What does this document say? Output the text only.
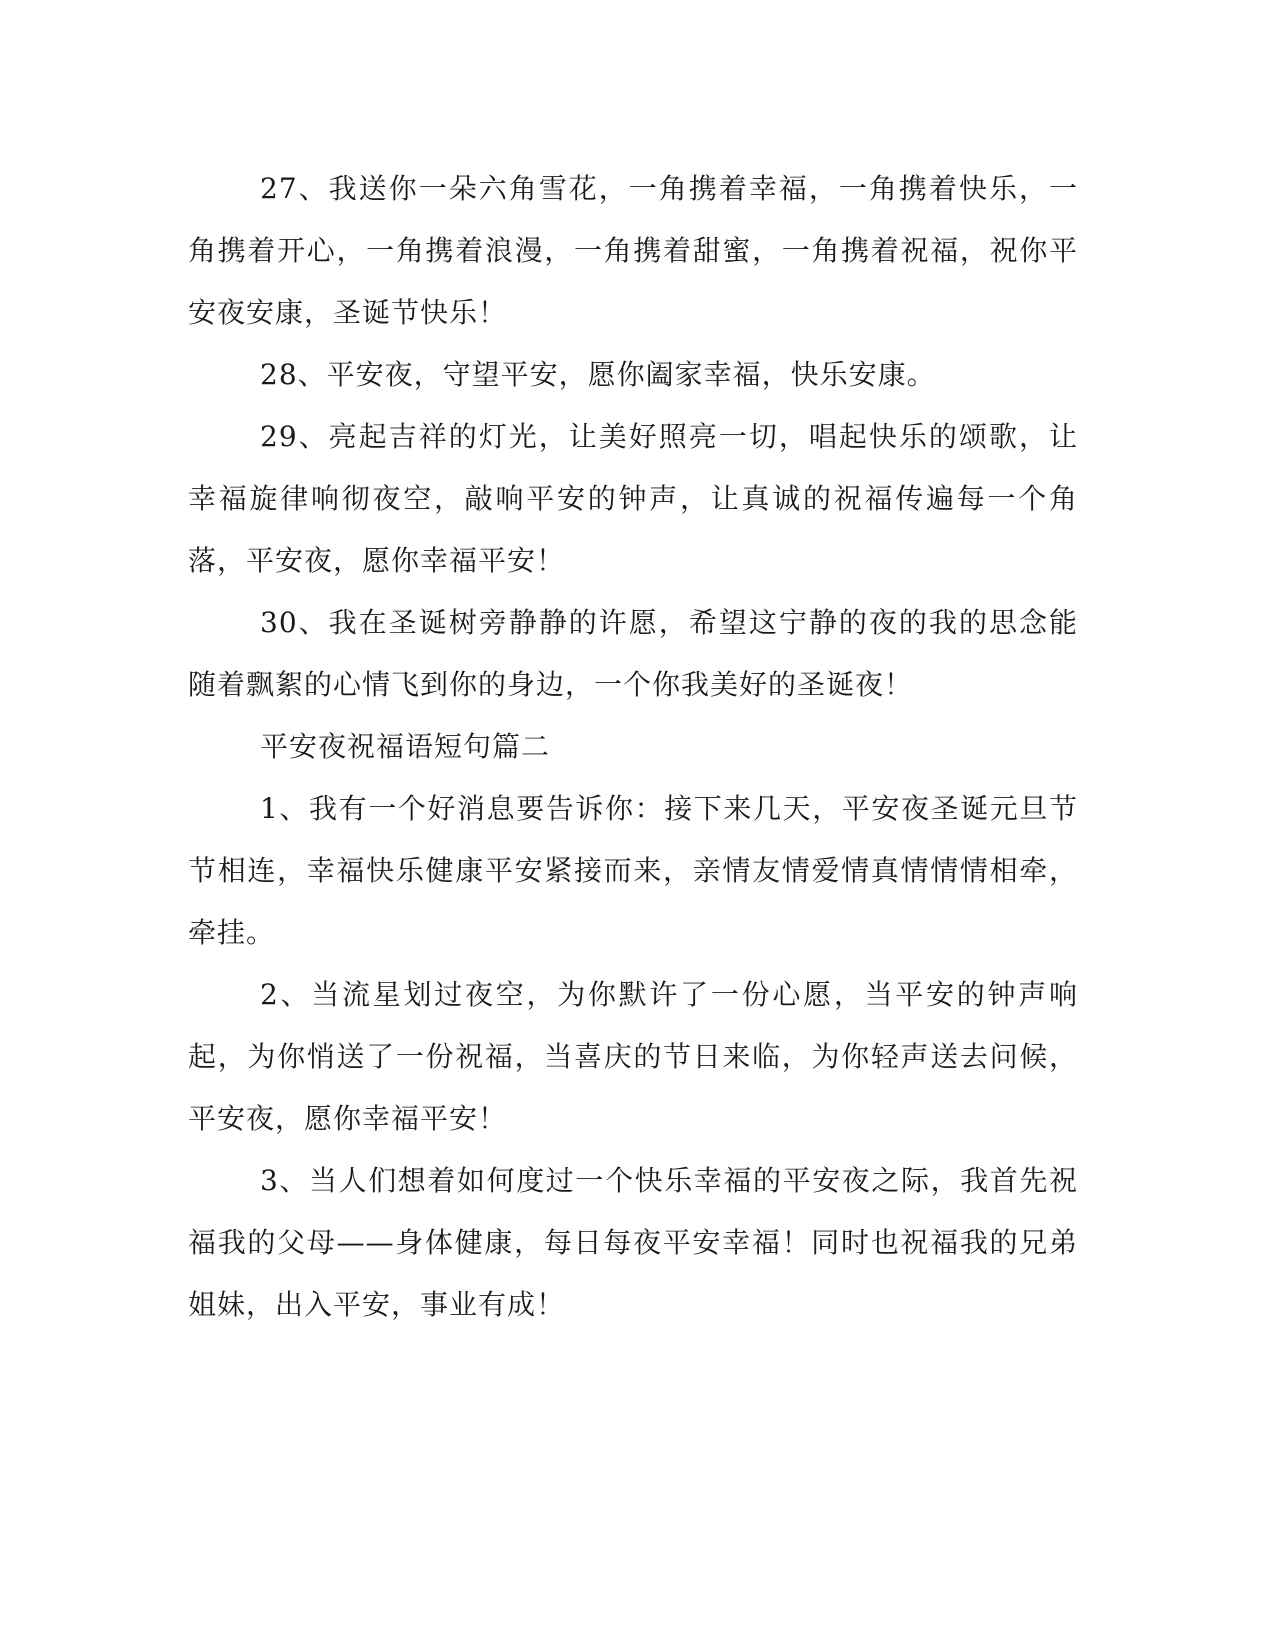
27、我送你一朵六角雪花，一角携着幸福，一角携着快乐，一角携着开心，一角携着浪漫，一角携着甜蜜，一角携着祝福，祝你平安夜安康，圣诞节快乐！

28、平安夜，守望平安，愿你阖家幸福，快乐安康。

29、亮起吉祥的灯光，让美好照亮一切，唱起快乐的颂歌，让幸福旋律响彻夜空，敲响平安的钟声，让真诚的祝福传遍每一个角落，平安夜，愿你幸福平安！

30、我在圣诞树旁静静的许愿，希望这宁静的夜的我的思念能随着飘絮的心情飞到你的身边，一个你我美好的圣诞夜！

平安夜祝福语短句篇二

1、我有一个好消息要告诉你：接下来几天，平安夜圣诞元旦节节相连，幸福快乐健康平安紧接而来，亲情友情爱情真情情情相牵，牵挂。

2、当流星划过夜空，为你默许了一份心愿，当平安的钟声响起，为你悄送了一份祝福，当喜庆的节日来临，为你轻声送去问候，平安夜，愿你幸福平安！

3、当人们想着如何度过一个快乐幸福的平安夜之际，我首先祝福我的父母——身体健康，每日每夜平安幸福！同时也祝福我的兄弟姐妹，出入平安，事业有成！
